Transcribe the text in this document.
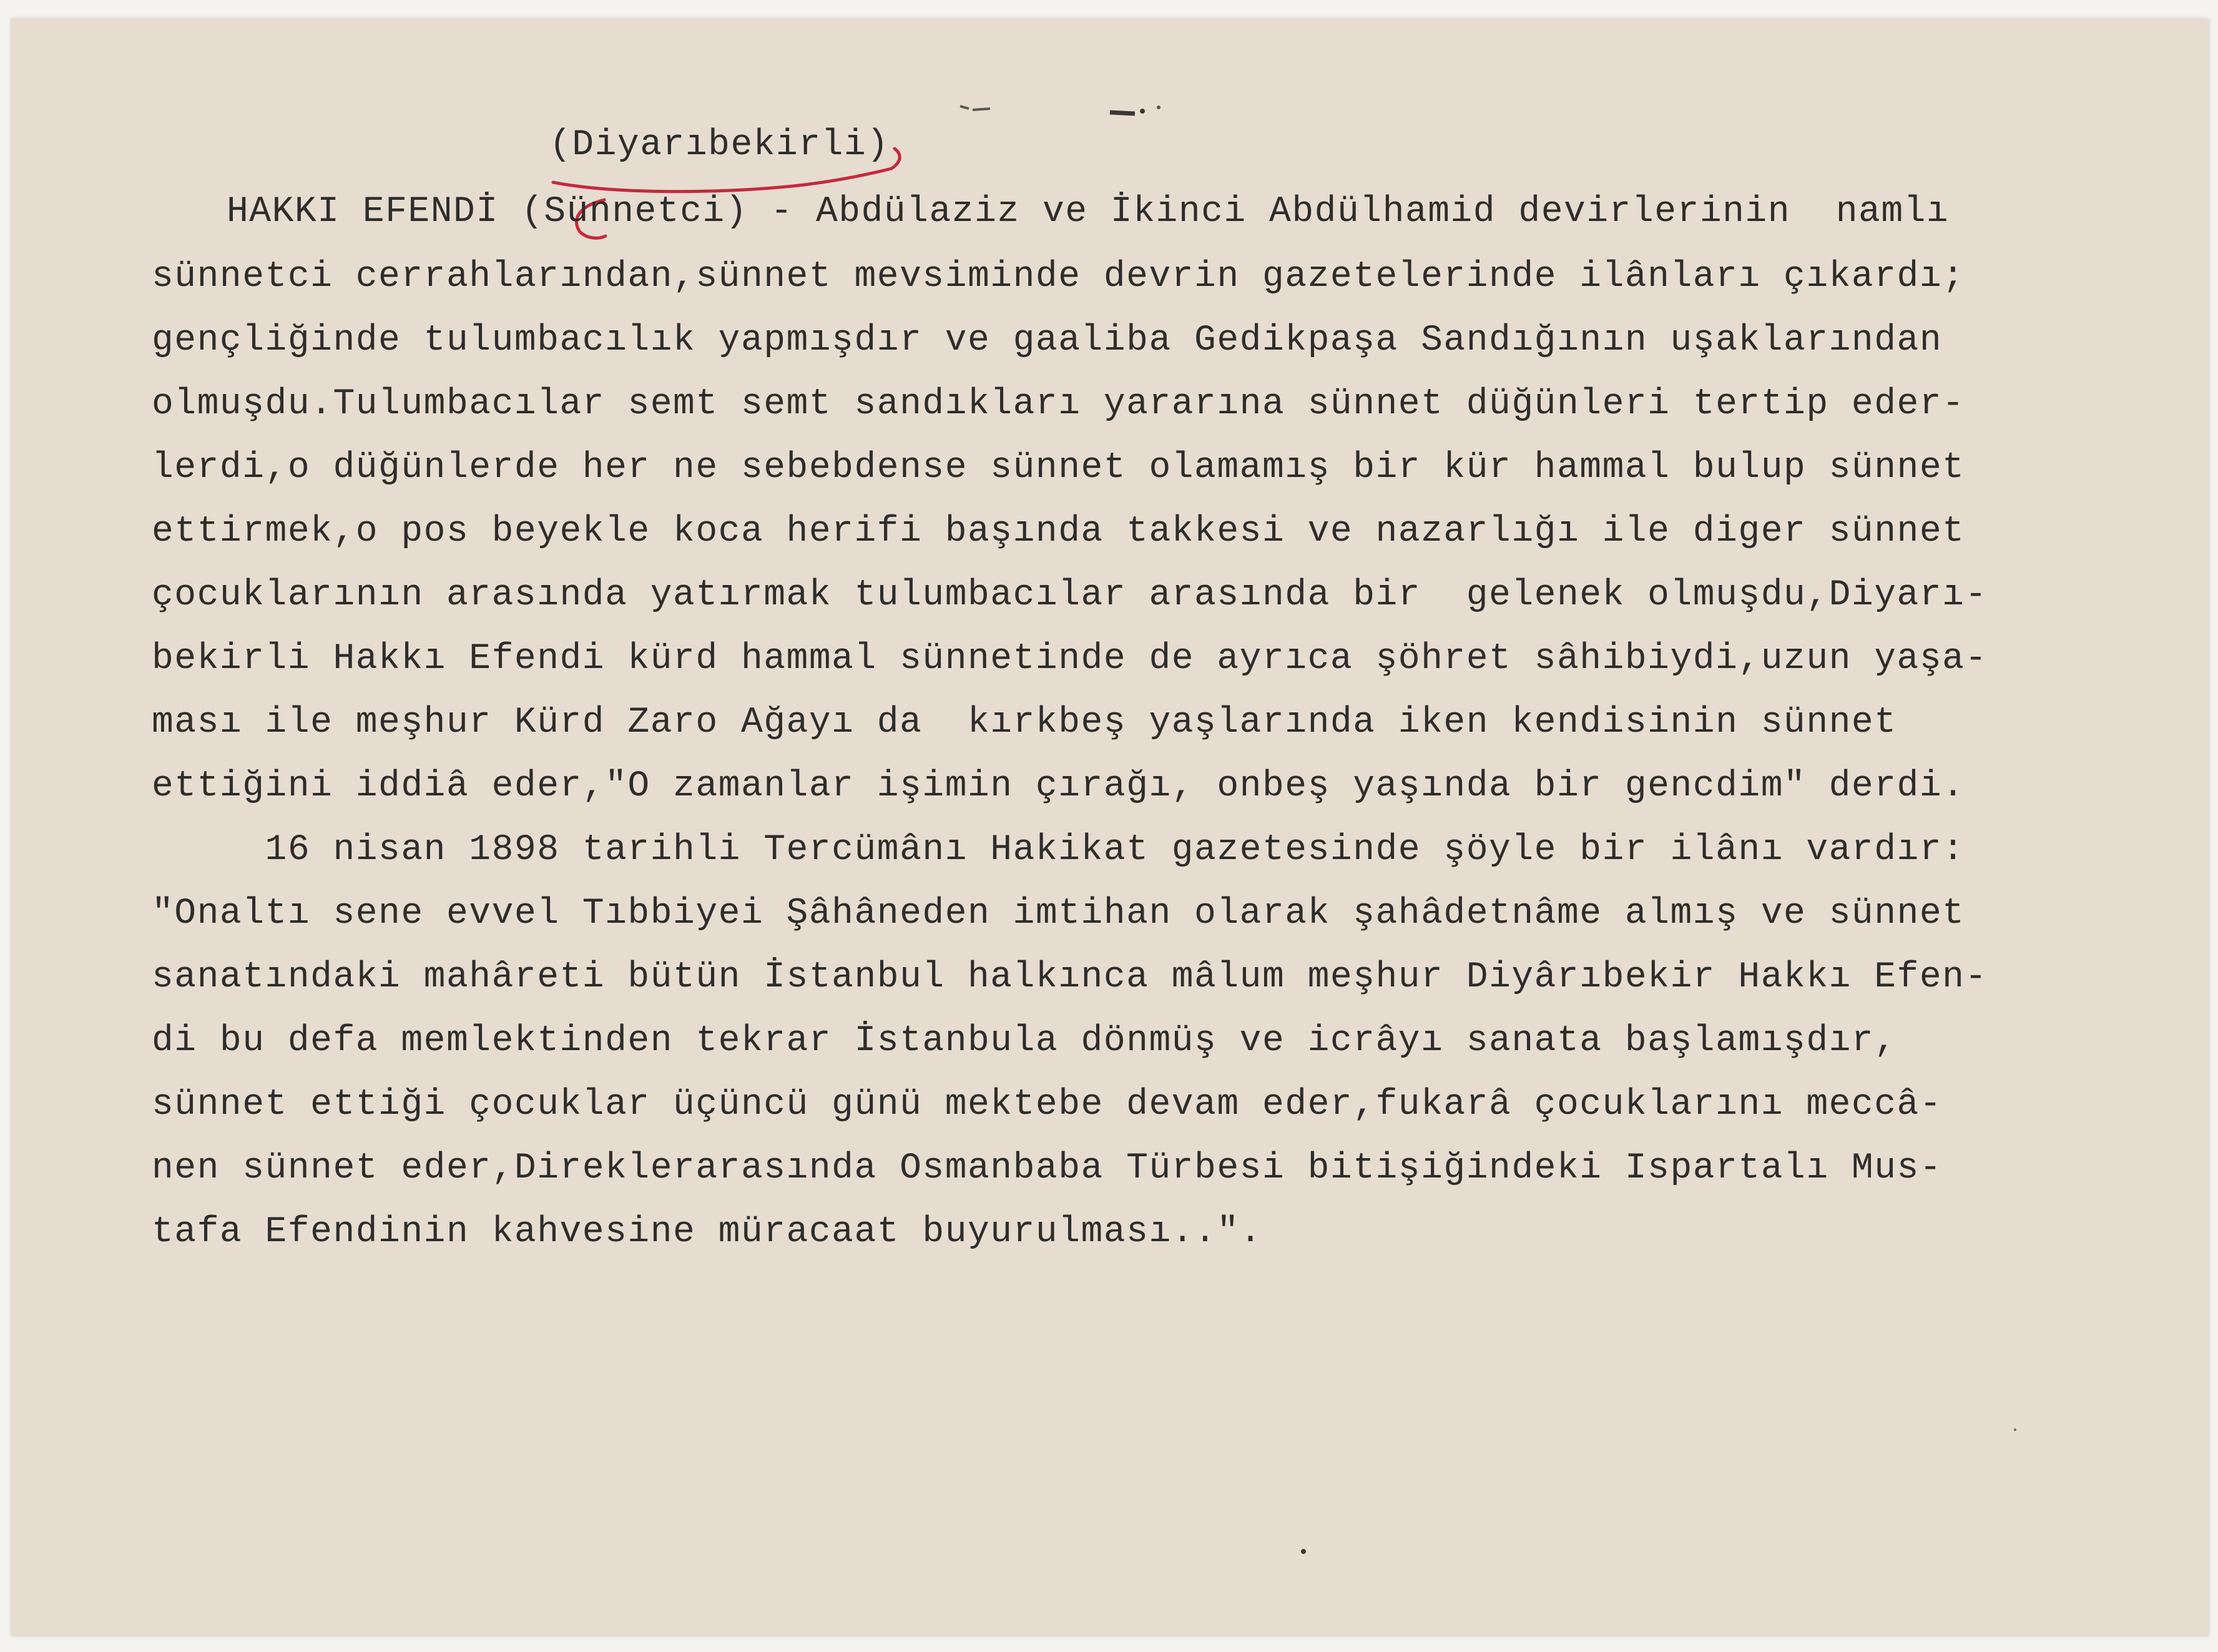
(Diyarıbekirli)

HAKKI EFENDİ (Sünnetci) - Abdülaziz ve İkinci Abdülhamid devirlerinin  namlı

sünnetci cerrahlarından,sünnet mevsiminde devrin gazetelerinde ilânları çıkardı;

gençliğinde tulumbacılık yapmışdır ve gaaliba Gedikpaşa Sandığının uşaklarından

olmuşdu.Tulumbacılar semt semt sandıkları yararına sünnet düğünleri tertip eder-

lerdi,o düğünlerde her ne sebebdense sünnet olamamış bir kür hammal bulup sünnet

ettirmek,o pos beyekle koca herifi başında takkesi ve nazarlığı ile diger sünnet

çocuklarının arasında yatırmak tulumbacılar arasında bir  gelenek olmuşdu,Diyarı-

bekirli Hakkı Efendi kürd hammal sünnetinde de ayrıca şöhret sâhibiydi,uzun yaşa-

ması ile meşhur Kürd Zaro Ağayı da  kırkbeş yaşlarında iken kendisinin sünnet

ettiğini iddiâ eder,"O zamanlar işimin çırağı, onbeş yaşında bir gencdim" derdi.

16 nisan 1898 tarihli Tercümânı Hakikat gazetesinde şöyle bir ilânı vardır:

"Onaltı sene evvel Tıbbiyei Şâhâneden imtihan olarak şahâdetnâme almış ve sünnet

sanatındaki mahâreti bütün İstanbul halkınca mâlum meşhur Diyârıbekir Hakkı Efen-

di bu defa memlektinden tekrar İstanbula dönmüş ve icrâyı sanata başlamışdır,

sünnet ettiği çocuklar üçüncü günü mektebe devam eder,fukarâ çocuklarını meccâ-

nen sünnet eder,Direklerarasında Osmanbaba Türbesi bitişiğindeki Ispartalı Mus-

tafa Efendinin kahvesine müracaat buyurulması..".
